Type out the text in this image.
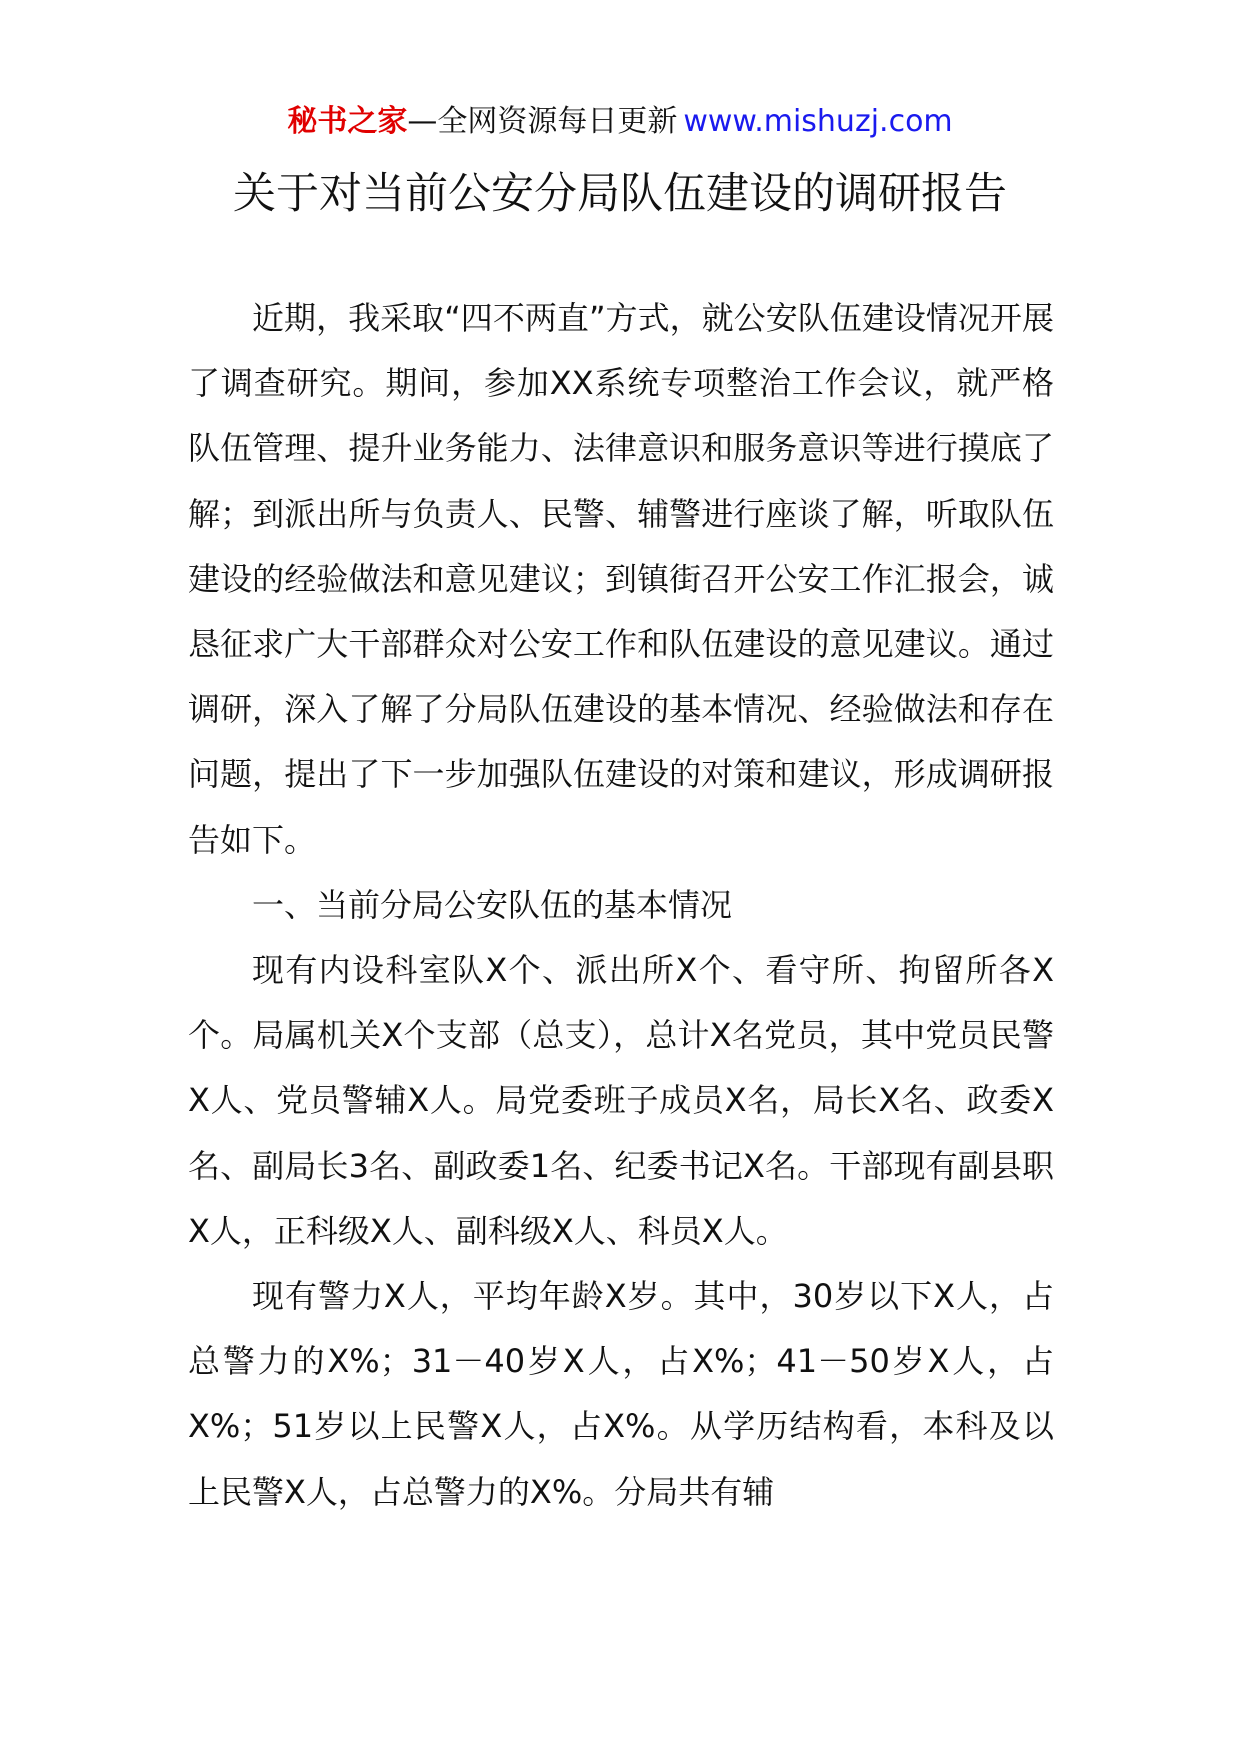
秘书之家—全网资源每日更新 www.mishuzj.com
关于对当前公安分局队伍建设的调研报告

近期，我采取“四不两直”方式，就公安队伍建设情况开展了调查研究。期间，参加XX系统专项整治工作会议，就严格队伍管理、提升业务能力、法律意识和服务意识等进行摸底了解；到派出所与负责人、民警、辅警进行座谈了解，听取队伍建设的经验做法和意见建议；到镇街召开公安工作汇报会，诚恳征求广大干部群众对公安工作和队伍建设的意见建议。通过调研，深入了解了分局队伍建设的基本情况、经验做法和存在问题，提出了下一步加强队伍建设的对策和建议，形成调研报告如下。

一、当前分局公安队伍的基本情况

现有内设科室队X个、派出所X个、看守所、拘留所各X个。局属机关X个支部（总支），总计X名党员，其中党员民警X人、党员警辅X人。局党委班子成员X名，局长X名、政委X名、副局长3名、副政委1名、纪委书记X名。干部现有副县职X人，正科级X人、副科级X人、科员X人。

现有警力X人，平均年龄X岁。其中，30岁以下X人，占总警力的X%；31－40岁X人，占X%；41－50岁X人，占X%；51岁以上民警X人，占X%。从学历结构看，本科及以上民警X人，占总警力的X%。分局共有辅
